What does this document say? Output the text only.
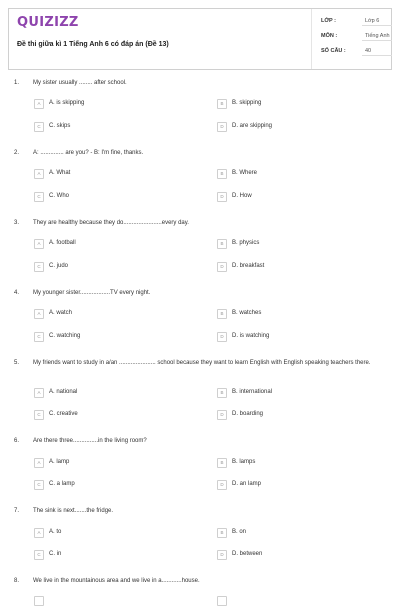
QUIZIZZ
Đề thi giữa kì 1 Tiếng Anh 6 có đáp án (Đề 13)
LỚP :	Lớp 6
MÔN :	Tiếng Anh
SỐ CÂU :	40
1. My sister usually ........ after school.
A	A. is skipping	B	B. skipping
C	C. skips	D	D. are skipping
2. A: .............. are you? - B: I'm fine, thanks.
A	A. What	B	B. Where
C	C. Who	D	D. How
3. They are healthy because they do.......................every day.
A	A. football	B	B. physics
C	C. judo	D	D. breakfast
4. My younger sister..................TV every night.
A	A. watch	B	B. watches
C	C. watching	D	D. is watching
5. My friends want to study in a/an ...................... school because they want to learn English with English speaking teachers there.
A	A. national	B	B. international
C	C. creative	D	D. boarding
6. Are there three...............in the living room?
A	A. lamp	B	B. lamps
C	C. a lamp	D	D. an lamp
7. The sink is next.......the fridge.
A	A. to	B	B. on
C	C. in	D	D. between
8. We live in the mountainous area and we live in a............house.
